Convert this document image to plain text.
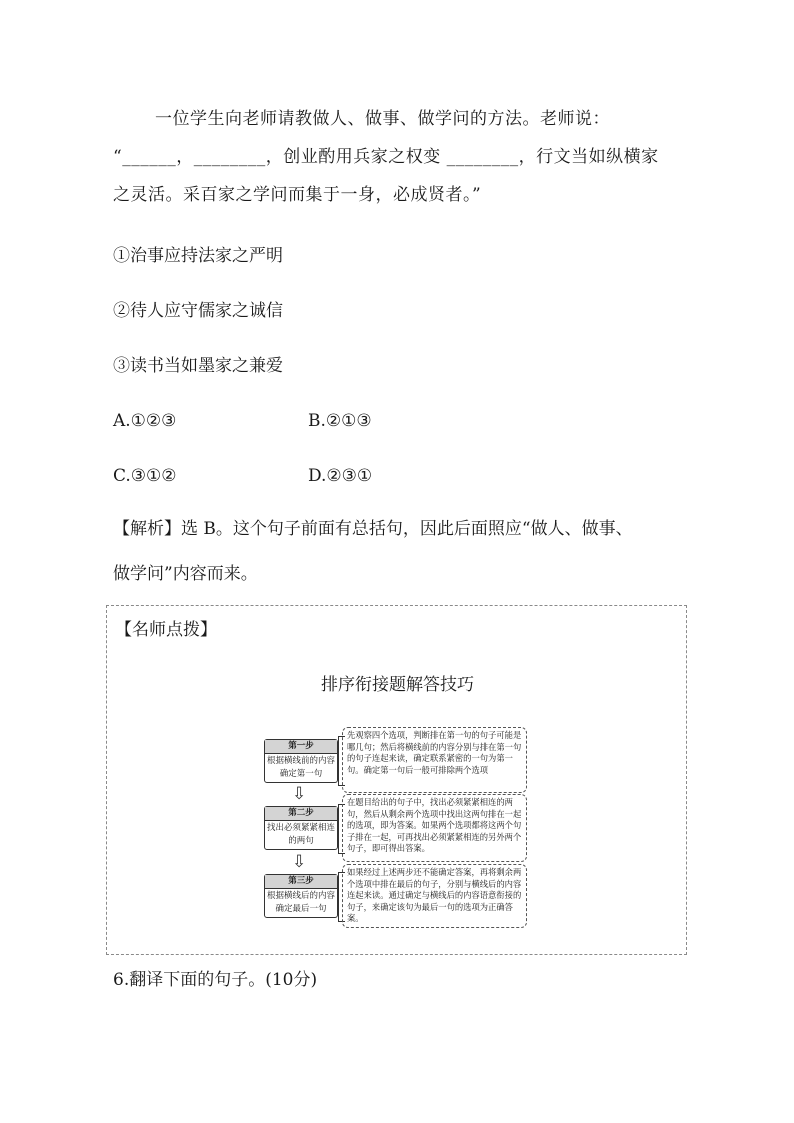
一位学生向老师请教做人、做事、做学问的方法。老师说：

“______，________，创业酌用兵家之权变 ________，行文当如纵横家

之灵活。采百家之学问而集于一身，必成贤者。”

①治事应持法家之严明
②待人应守儒家之诚信
③读书当如墨家之兼爱
A.①②③	B.②①③
C.③①②	D.②③①
【解析】选 B。这个句子前面有总括句，因此后面照应“做人、做事、
做学问”内容而来。
【名师点拨】
排序衔接题解答技巧
第一步
根据横线前的内容确定第一句
先观察四个选项，判断排在第一句的句子可能是哪几句；然后将横线前的内容分别与排在第一句的句子连起来读，确定联系紧密的一句为第一句。确定第一句后一般可排除两个选项
⇩
第二步
找出必须紧紧相连的两句
在题目给出的句子中，找出必须紧紧相连的两句，然后从剩余两个选项中找出这两句排在一起的选项，即为答案。如果两个选项都将这两个句子排在一起，可再找出必须紧紧相连的另外两个句子，即可得出答案。
⇩
第三步
根据横线后的内容确定最后一句
如果经过上述两步还不能确定答案，再将剩余两个选项中排在最后的句子，分别与横线后的内容连起来读。通过确定与横线后的内容语意衔接的句子，来确定该句为最后一句的选项为正确答案。
6.翻译下面的句子。(10分)
